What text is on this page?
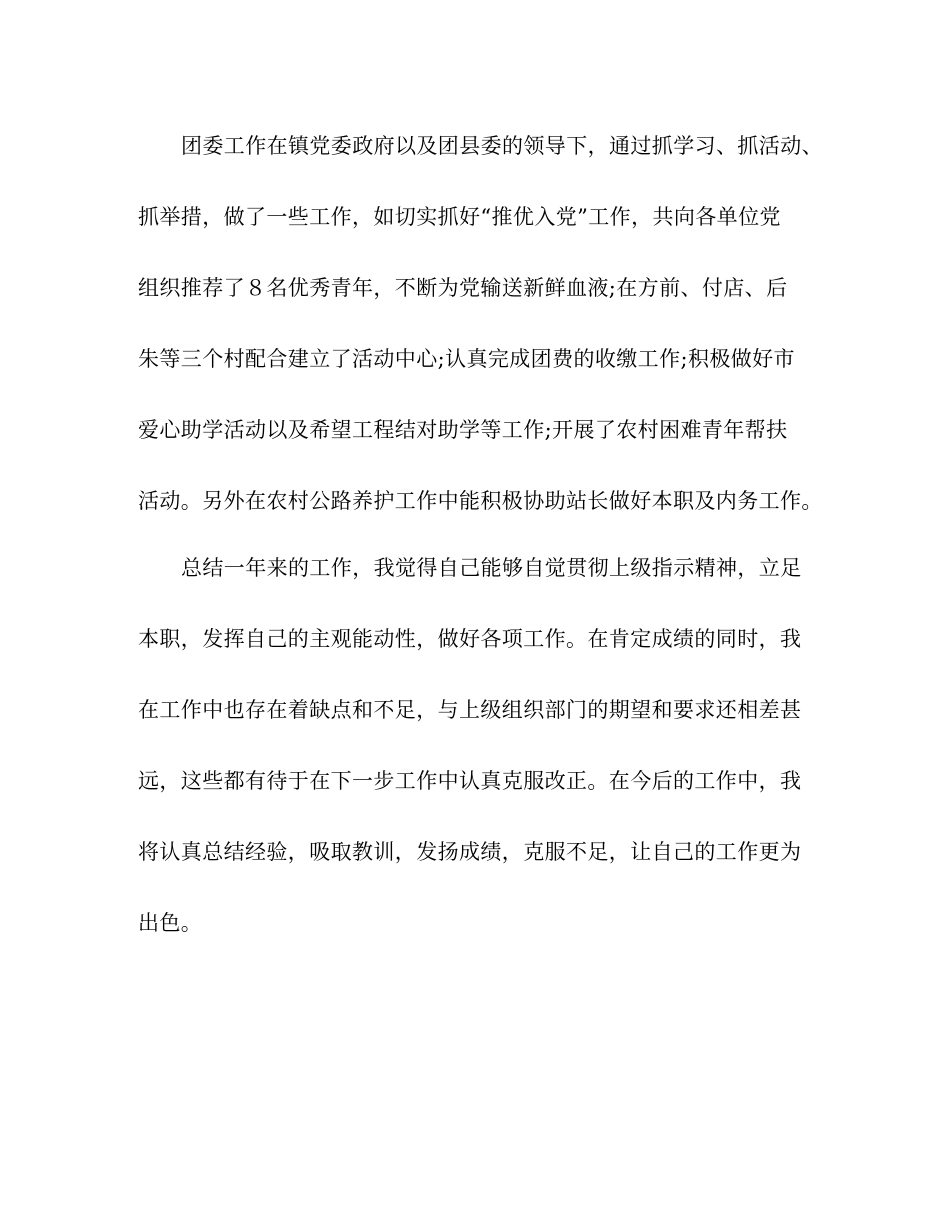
团委工作在镇党委政府以及团县委的领导下，通过抓学习、抓活动、
抓举措，做了一些工作，如切实抓好“推优入党”工作，共向各单位党
组织推荐了８名优秀青年，不断为党输送新鲜血液;在方前、付店、后
朱等三个村配合建立了活动中心;认真完成团费的收缴工作;积极做好市
爱心助学活动以及希望工程结对助学等工作;开展了农村困难青年帮扶
活动。另外在农村公路养护工作中能积极协助站长做好本职及内务工作。
总结一年来的工作，我觉得自己能够自觉贯彻上级指示精神，立足
本职，发挥自己的主观能动性，做好各项工作。在肯定成绩的同时，我
在工作中也存在着缺点和不足，与上级组织部门的期望和要求还相差甚
远，这些都有待于在下一步工作中认真克服改正。在今后的工作中，我
将认真总结经验，吸取教训，发扬成绩，克服不足，让自己的工作更为
出色。
